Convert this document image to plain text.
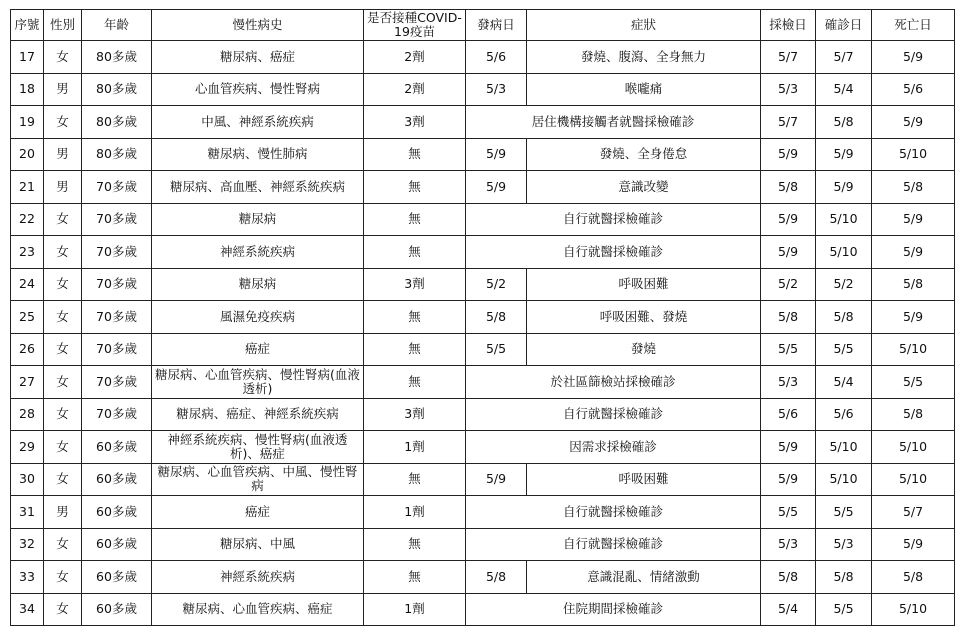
序號	性別	年齡	慢性病史	是否接種COVID-19疫苗	發病日	症狀	採檢日	確診日	死亡日
17	女	80多歲	糖尿病、癌症	2劑	5/6	發燒、腹瀉、全身無力	5/7	5/7	5/9
18	男	80多歲	心血管疾病、慢性腎病	2劑	5/3	喉嚨痛	5/3	5/4	5/6
19	女	80多歲	中風、神經系統疾病	3劑	居住機構接觸者就醫採檢確診		5/7	5/8	5/9
20	男	80多歲	糖尿病、慢性肺病	無	5/9	發燒、全身倦怠	5/9	5/9	5/10
21	男	70多歲	糖尿病、高血壓、神經系統疾病	無	5/9	意識改變	5/8	5/9	5/8
22	女	70多歲	糖尿病	無	自行就醫採檢確診		5/9	5/10	5/9
23	女	70多歲	神經系統疾病	無	自行就醫採檢確診		5/9	5/10	5/9
24	女	70多歲	糖尿病	3劑	5/2	呼吸困難	5/2	5/2	5/8
25	女	70多歲	風濕免疫疾病	無	5/8	呼吸困難、發燒	5/8	5/8	5/9
26	女	70多歲	癌症	無	5/5	發燒	5/5	5/5	5/10
27	女	70多歲	糖尿病、心血管疾病、慢性腎病(血液透析)	無	於社區篩檢站採檢確診		5/3	5/4	5/5
28	女	70多歲	糖尿病、癌症、神經系統疾病	3劑	自行就醫採檢確診		5/6	5/6	5/8
29	女	60多歲	神經系統疾病、慢性腎病(血液透析)、癌症	1劑	因需求採檢確診		5/9	5/10	5/10
30	女	60多歲	糖尿病、心血管疾病、中風、慢性腎病	無	5/9	呼吸困難	5/9	5/10	5/10
31	男	60多歲	癌症	1劑	自行就醫採檢確診		5/5	5/5	5/7
32	女	60多歲	糖尿病、中風	無	自行就醫採檢確診		5/3	5/3	5/9
33	女	60多歲	神經系統疾病	無	5/8	意識混亂、情緒激動	5/8	5/8	5/8
34	女	60多歲	糖尿病、心血管疾病、癌症	1劑	住院期間採檢確診		5/4	5/5	5/10
